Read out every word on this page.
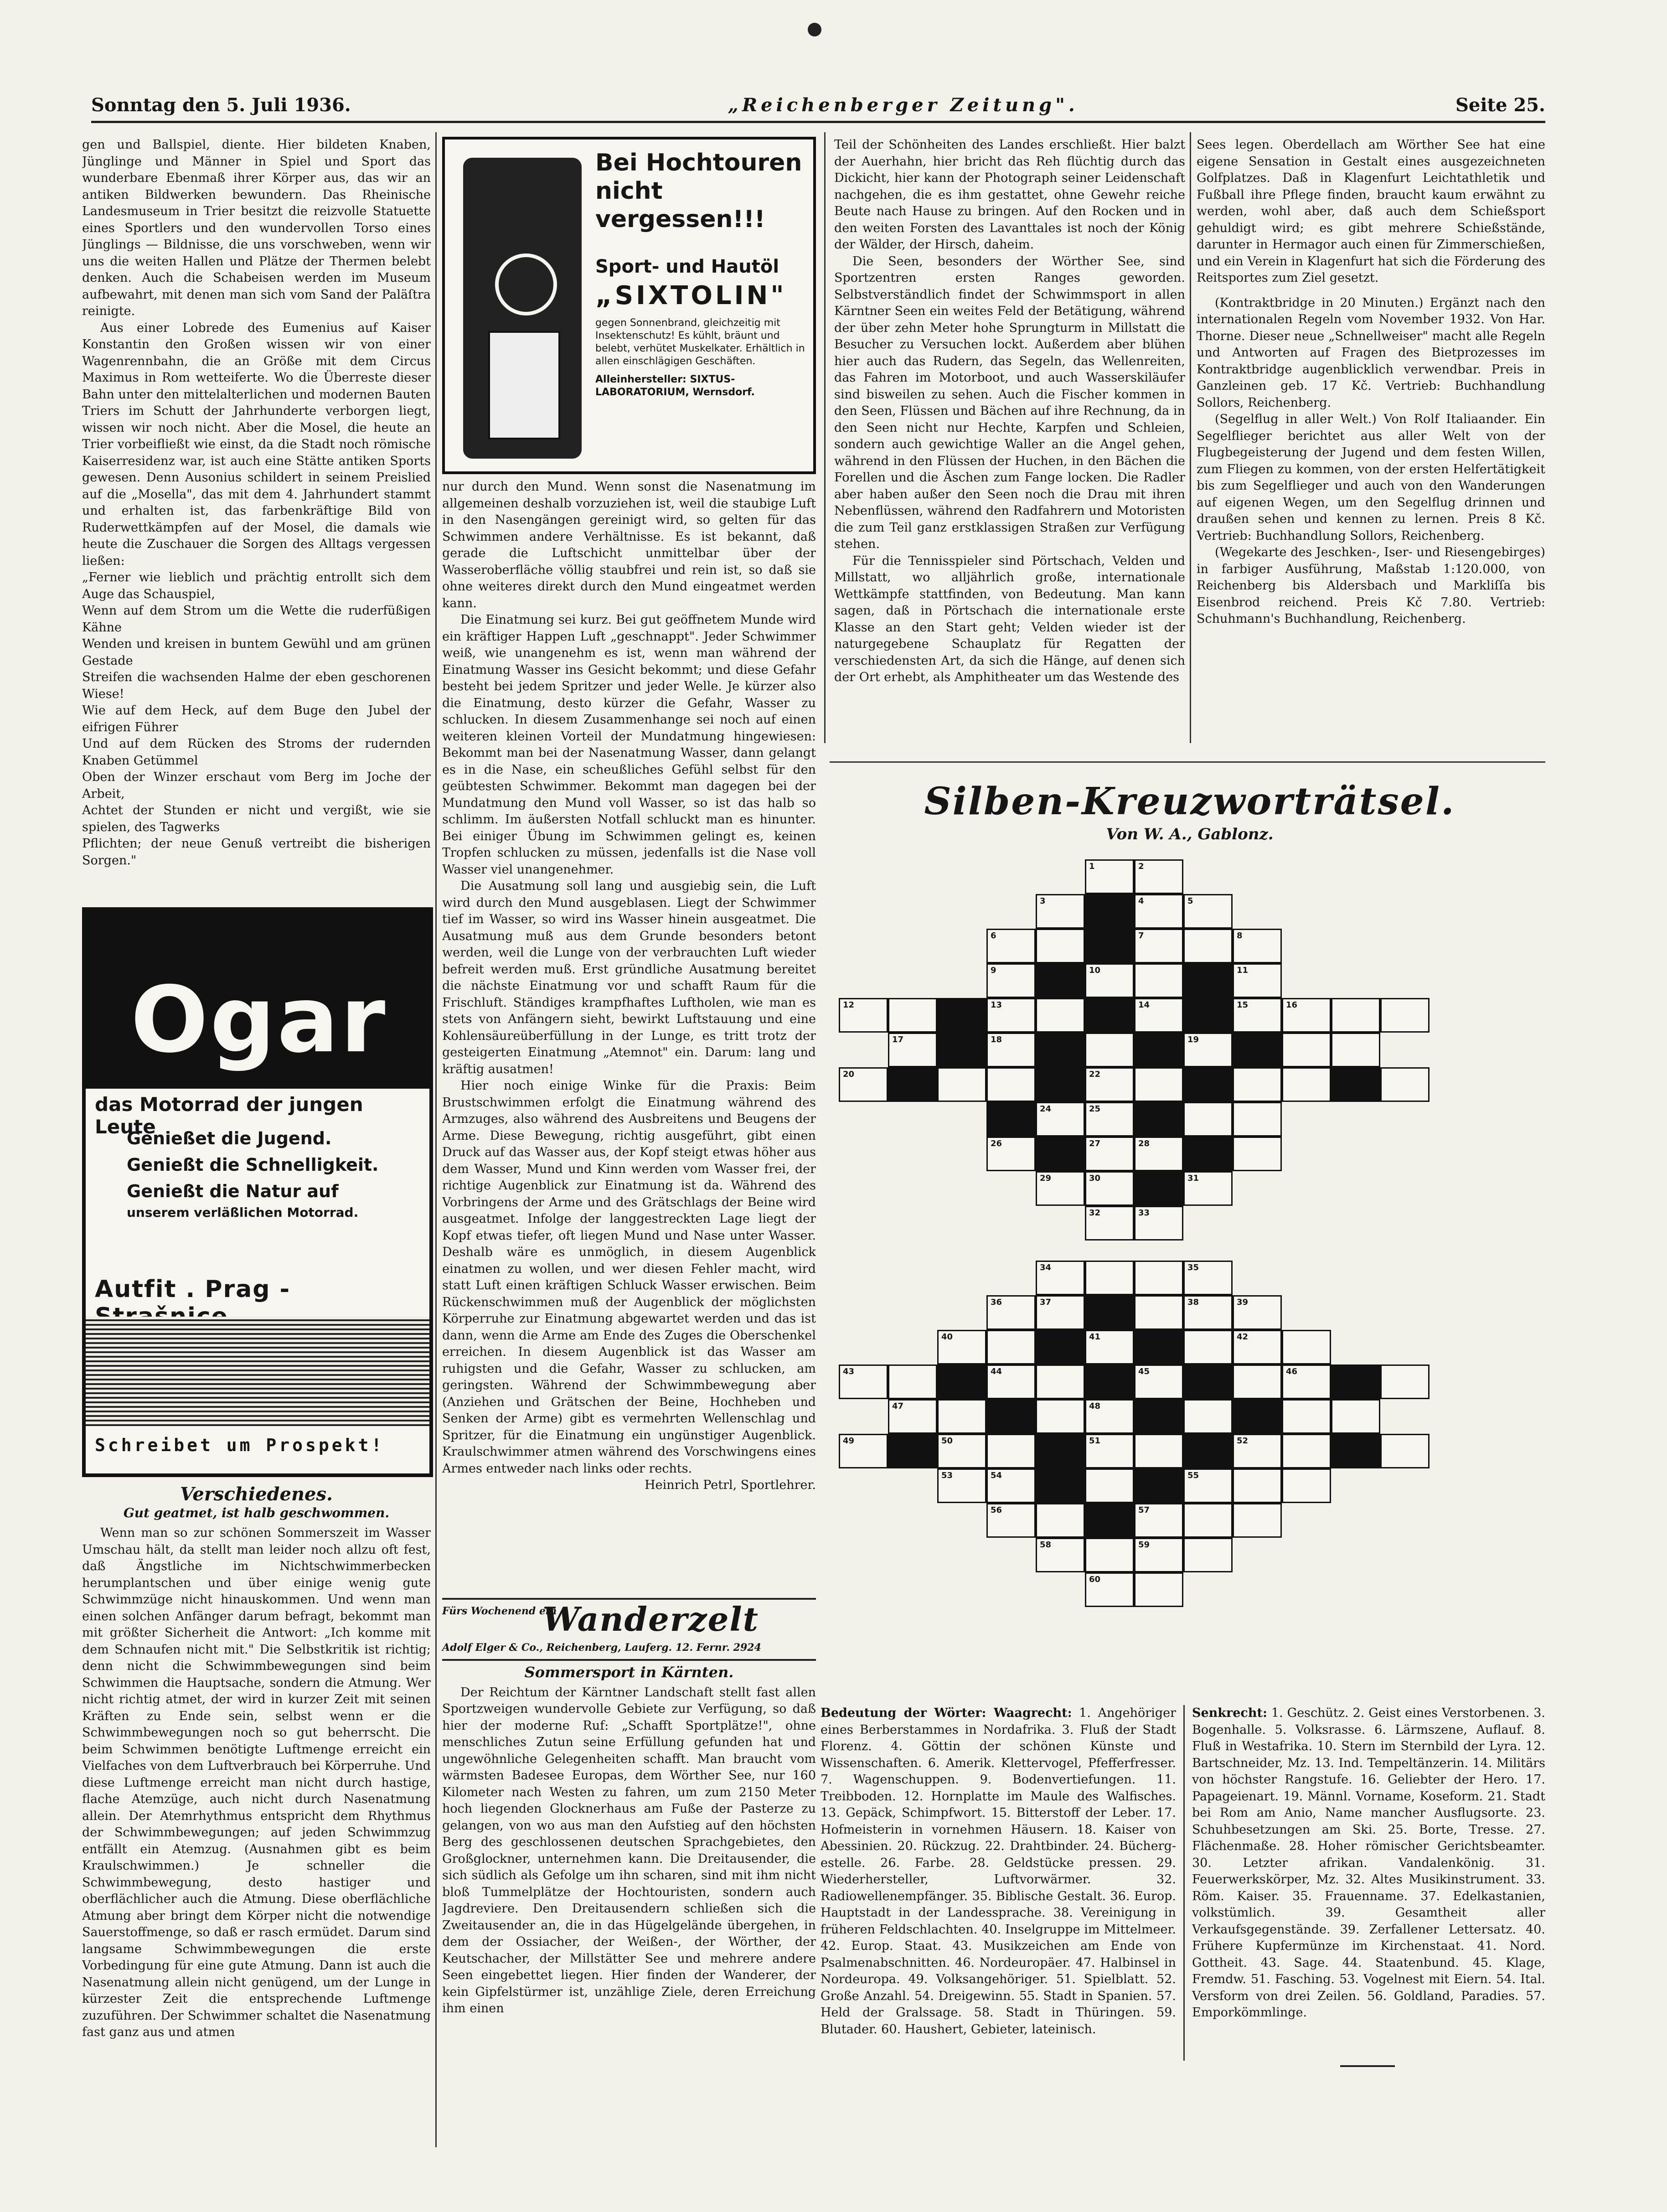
Sonntag den 5. Juli 1936.	„Reichenberger Zeitung".	Seite 25.

gen und Ballspiel, diente. Hier bildeten Knaben, Jünglinge und Männer in Spiel und Sport das wunderbare Ebenmaß ihrer Körper aus, das wir an antiken Bildwerken bewundern. Das Rheinische Landesmuseum in Trier besitzt die reizvolle Statuette eines Sportlers und den wundervollen Torso eines Jünglings — Bildnisse, die uns vorschweben, wenn wir uns die weiten Hallen und Plätze der Thermen belebt denken. Auch die Schabeisen werden im Museum aufbewahrt, mit denen man sich vom Sand der Paläſtra reinigte.

Aus einer Lobrede des Eumenius auf Kaiser Konstantin den Großen wissen wir von einer Wagenrennbahn, die an Größe mit dem Circus Maximus in Rom wetteiferte. Wo die Überreste dieser Bahn unter den mittelalterlichen und modernen Bauten Triers im Schutt der Jahrhunderte verborgen liegt, wissen wir noch nicht. Aber die Mosel, die heute an Trier vorbeifließt wie einst, da die Stadt noch römische Kaiserresidenz war, ist auch eine Stätte antiken Sports gewesen. Denn Ausonius schildert in seinem Preislied auf die „Mosella", das mit dem 4. Jahrhundert stammt und erhalten ist, das farbenkräftige Bild von Ruderwettkämpfen auf der Mosel, die damals wie heute die Zuschauer die Sorgen des Alltags vergessen ließen:

„Ferner wie lieblich und prächtig entrollt sich dem Auge das Schauspiel,

Wenn auf dem Strom um die Wette die ruderfüßigen Kähne

Wenden und kreisen in buntem Gewühl und am grünen Gestade

Streifen die wachsenden Halme der eben geschorenen Wiese!

Wie auf dem Heck, auf dem Buge den Jubel der eifrigen Führer

Und auf dem Rücken des Stroms der rudernden Knaben Getümmel

Oben der Winzer erschaut vom Berg im Joche der Arbeit,

Achtet der Stunden er nicht und vergißt, wie sie spielen, des Tagwerks

Pflichten; der neue Genuß vertreibt die bisherigen Sorgen."

Ogar
das Motorrad der jungen Leute
Genießet die Jugend.
Genießt die Schnelligkeit.
Genießt die Natur auf
unserem verläßlichen Motorrad.
Autfit . Prag -
Schreibet um Prospekt!
Verschiedenes.
Gut geatmet, ist halb geschwommen.

Wenn man so zur schönen Sommerszeit im Wasser Umschau hält, da stellt man leider noch allzu oft fest, daß Ängstliche im Nichtschwimmerbecken herumplantschen und über einige wenig gute Schwimmzüge nicht hinauskommen. Und wenn man einen solchen Anfänger darum befragt, bekommt man mit größter Sicherheit die Antwort: „Ich komme mit dem Schnaufen nicht mit." Die Selbstkritik ist richtig; denn nicht die Schwimmbewegungen sind beim Schwimmen die Hauptsache, sondern die Atmung. Wer nicht richtig atmet, der wird in kurzer Zeit mit seinen Kräften zu Ende sein, selbst wenn er die Schwimmbewegungen noch so gut beherrscht. Die beim Schwimmen benötigte Luftmenge erreicht ein Vielfaches von dem Luftverbrauch bei Körperruhe. Und diese Luftmenge erreicht man nicht durch hastige, flache Atemzüge, auch nicht durch Nasenatmung allein. Der Atemrhythmus entspricht dem Rhythmus der Schwimmbewegungen; auf jeden Schwimmzug entfällt ein Atemzug. (Ausnahmen gibt es beim Kraulschwimmen.) Je schneller die Schwimmbewegung, desto hastiger und oberflächlicher auch die Atmung. Diese oberflächliche Atmung aber bringt dem Körper nicht die notwendige Sauerstoffmenge, so daß er rasch ermüdet. Darum sind langsame Schwimmbewegungen die erste Vorbedingung für eine gute Atmung. Dann ist auch die Nasenatmung allein nicht genügend, um der Lunge in kürzester Zeit die entsprechende Luftmenge zuzuführen. Der Schwimmer schaltet die Nasenatmung fast ganz aus und atmen

Bei Hochtouren nicht vergessen!!!
Sport- und Hautöl
„SIXTOLIN"
gegen Sonnenbrand, gleichzeitig mit Insektenschutz! Es kühlt, bräunt und belebt, verhütet Muskelkater. Erhältlich in allen einschlägigen Geschäften.
Alleinhersteller: SIXTUS-LABORATORIUM, Wernsdorf.

nur durch den Mund. Wenn sonst die Nasenatmung im allgemeinen deshalb vorzuziehen ist, weil die staubige Luft in den Nasengängen gereinigt wird, so gelten für das Schwimmen andere Verhältnisse. Es ist bekannt, daß gerade die Luftschicht unmittelbar über der Wasseroberfläche völlig staubfrei und rein ist, so daß sie ohne weiteres direkt durch den Mund eingeatmet werden kann.

Die Einatmung sei kurz. Bei gut geöffnetem Munde wird ein kräftiger Happen Luft „geschnappt". Jeder Schwimmer weiß, wie unangenehm es ist, wenn man während der Einatmung Wasser ins Gesicht bekommt; und diese Gefahr besteht bei jedem Spritzer und jeder Welle. Je kürzer also die Einatmung, desto kürzer die Gefahr, Wasser zu schlucken. In diesem Zusammenhange sei noch auf einen weiteren kleinen Vorteil der Mundatmung hingewiesen: Bekommt man bei der Nasenatmung Wasser, dann gelangt es in die Nase, ein scheußliches Gefühl selbst für den geübtesten Schwimmer. Bekommt man dagegen bei der Mundatmung den Mund voll Wasser, so ist das halb so schlimm. Im äußersten Notfall schluckt man es hinunter. Bei einiger Übung im Schwimmen gelingt es, keinen Tropfen schlucken zu müssen, jedenfalls ist die Nase voll Wasser viel unangenehmer.

Die Ausatmung soll lang und ausgiebig sein, die Luft wird durch den Mund ausgeblasen. Liegt der Schwimmer tief im Wasser, so wird ins Wasser hinein ausgeatmet. Die Ausatmung muß aus dem Grunde besonders betont werden, weil die Lunge von der verbrauchten Luft wieder befreit werden muß. Erst gründliche Ausatmung bereitet die nächste Einatmung vor und schafft Raum für die Frischluft. Ständiges krampfhaftes Luftholen, wie man es stets von Anfängern sieht, bewirkt Luftstauung und eine Kohlensäureüberfüllung in der Lunge, es tritt trotz der gesteigerten Einatmung „Atemnot" ein. Darum: lang und kräftig ausatmen!

Hier noch einige Winke für die Praxis: Beim Brustschwimmen erfolgt die Einatmung während des Armzuges, also während des Ausbreitens und Beugens der Arme. Diese Bewegung, richtig ausgeführt, gibt einen Druck auf das Wasser aus, der Kopf steigt etwas höher aus dem Wasser, Mund und Kinn werden vom Wasser frei, der richtige Augenblick zur Einatmung ist da. Während des Vorbringens der Arme und des Grätschlags der Beine wird ausgeatmet. Infolge der langgestreckten Lage liegt der Kopf etwas tiefer, oft liegen Mund und Nase unter Wasser. Deshalb wäre es unmöglich, in diesem Augenblick einatmen zu wollen, und wer diesen Fehler macht, wird statt Luft einen kräftigen Schluck Wasser erwischen. Beim Rückenschwimmen muß der Augenblick der möglichsten Körperruhe zur Einatmung abgewartet werden und das ist dann, wenn die Arme am Ende des Zuges die Oberschenkel erreichen. In diesem Augenblick ist das Wasser am ruhigsten und die Gefahr, Wasser zu schlucken, am geringsten. Während der Schwimmbewegung aber (Anziehen und Grätschen der Beine, Hochheben und Senken der Arme) gibt es vermehrten Wellenschlag und Spritzer, für die Einatmung ein ungünstiger Augenblick. Kraulschwimmer atmen während des Vorschwingens eines Armes entweder nach links oder rechts.

Heinrich Petrl, Sportlehrer.

Fürs Wochenend ein
Wanderzelt
Adolf Elger & Co., Reichenberg, Lauferg. 12. Fernr. 2924
Sommersport in Kärnten.

Der Reichtum der Kärntner Landschaft stellt fast allen Sportzweigen wundervolle Gebiete zur Verfügung, so daß hier der moderne Ruf: „Schafft Sportplätze!", ohne menschliches Zutun seine Erfüllung gefunden hat und ungewöhnliche Gelegenheiten schafft. Man braucht vom wärmsten Badesee Europas, dem Wörther See, nur 160 Kilometer nach Westen zu fahren, um zum 2150 Meter hoch liegenden Glocknerhaus am Fuße der Pasterze zu gelangen, von wo aus man den Aufstieg auf den höchsten Berg des geschlossenen deutschen Sprachgebietes, den Großglockner, unternehmen kann. Die Dreitausender, die sich südlich als Gefolge um ihn scharen, sind mit ihm nicht bloß Tummelplätze der Hochtouristen, sondern auch Jagdreviere. Den Dreitausendern schließen sich die Zweitausender an, die in das Hügelgelände übergehen, in dem der Ossiacher, der Weißen-, der Wörther, der Keutschacher, der Millstätter See und mehrere andere Seen eingebettet liegen. Hier finden der Wanderer, der kein Gipfelstürmer ist, unzählige Ziele, deren Erreichung ihm einen

Teil der Schönheiten des Landes erschließt. Hier balzt der Auerhahn, hier bricht das Reh flüchtig durch das Dickicht, hier kann der Photograph seiner Leidenschaft nachgehen, die es ihm gestattet, ohne Gewehr reiche Beute nach Hause zu bringen. Auf den Rocken und in den weiten Forsten des Lavanttales ist noch der König der Wälder, der Hirsch, daheim.

Die Seen, besonders der Wörther See, sind Sportzentren ersten Ranges geworden. Selbstverständlich findet der Schwimmsport in allen Kärntner Seen ein weites Feld der Betätigung, während der über zehn Meter hohe Sprungturm in Millstatt die Besucher zu Versuchen lockt. Außerdem aber blühen hier auch das Rudern, das Segeln, das Wellenreiten, das Fahren im Motorboot, und auch Wasserskiläufer sind bisweilen zu sehen. Auch die Fischer kommen in den Seen, Flüssen und Bächen auf ihre Rechnung, da in den Seen nicht nur Hechte, Karpfen und Schleien, sondern auch gewichtige Waller an die Angel gehen, während in den Flüssen der Huchen, in den Bächen die Forellen und die Äschen zum Fange locken. Die Radler aber haben außer den Seen noch die Drau mit ihren Nebenflüssen, während den Radfahrern und Motoristen die zum Teil ganz erstklassigen Straßen zur Verfügung stehen.

Für die Tennisspieler sind Pörtschach, Velden und Millstatt, wo alljährlich große, internationale Wettkämpfe stattfinden, von Bedeutung. Man kann sagen, daß in Pörtschach die internationale erste Klasse an den Start geht; Velden wieder ist der naturgegebene Schauplatz für Regatten der verschiedensten Art, da sich die Hänge, auf denen sich der Ort erhebt, als Amphitheater um das Westende des

Sees legen. Oberdellach am Wörther See hat eine eigene Sensation in Gestalt eines ausgezeichneten Golfplatzes. Daß in Klagenfurt Leichtathletik und Fußball ihre Pflege finden, braucht kaum erwähnt zu werden, wohl aber, daß auch dem Schießsport gehuldigt wird; es gibt mehrere Schießstände, darunter in Hermagor auch einen für Zimmerschießen, und ein Verein in Klagenfurt hat sich die Förderung des Reitsportes zum Ziel gesetzt.

(Kontraktbridge in 20 Minuten.) Ergänzt nach den internationalen Regeln vom November 1932. Von Har. Thorne. Dieser neue „Schnellweiser" macht alle Regeln und Antworten auf Fragen des Bietprozesses im Kontraktbridge augenblicklich verwendbar. Preis in Ganzleinen geb. 17 Kč. Vertrieb: Buchhandlung Sollors, Reichenberg.

(Segelflug in aller Welt.) Von Rolf Italiaander. Ein Segelflieger berichtet aus aller Welt von der Flugbegeisterung der Jugend und dem festen Willen, zum Fliegen zu kommen, von der ersten Helfertätigkeit bis zum Segelflieger und auch von den Wanderungen auf eigenen Wegen, um den Segelflug drinnen und draußen sehen und kennen zu lernen. Preis 8 Kč. Vertrieb: Buchhandlung Sollors, Reichenberg.

(Wegekarte des Jeschken-, Iser- und Riesengebirges) in farbiger Ausführung, Maßstab 1:120.000, von Reichenberg bis Aldersbach und Markliſſa bis Eisenbrod reichend. Preis Kč 7.80. Vertrieb: Schuhmann's Buchhandlung, Reichenberg.

Silben-Kreuzworträtsel.
Von W. A., Gablonz.
1	2
3	4	5
6	7	8
9	10	11
12	13	14	15	16
17	18	19
20	22
24	25
26	27	28
29	30	31
32	33
34	35
36	37	38	39
40	41	42
43	44	45	46
47	48
49	50	51	52
53	54	55
56	57
58	59
60
Bedeutung der Wörter: Waagrecht: 1. Angehöriger eines Berberstammes in Nordafrika. 3. Fluß der Stadt Florenz. 4. Göttin der schönen Künste und Wissenschaften. 6. Amerik. Klettervogel, Pfefferfresser. 7. Wagenschuppen. 9. Bodenvertiefungen. 11. Treibboden. 12. Hornplatte im Maule des Walfisches. 13. Gepäck, Schimpfwort. 15. Bitterstoff der Leber. 17. Hofmeisterin in vornehmen Häusern. 18. Kaiser von Abessinien. 20. Rückzug. 22. Drahtbinder. 24. Büchergestelle. 26. Farbe. 28. Geldstücke pressen. 29. Wiederhersteller, Luftvorwärmer. 32. Radiowellenempfänger. 35. Biblische Gestalt. 36. Europ. Hauptstadt in der Landessprache. 38. Vereinigung in früheren Feldschlachten. 40. Inselgruppe im Mittelmeer. 42. Europ. Staat. 43. Musikzeichen am Ende von Psalmenabschnitten. 46. Nordeuropäer. 47. Halbinsel in Nordeuropa. 49. Volksangehöriger. 51. Spielblatt. 52. Große Anzahl. 54. Dreigewinn. 55. Stadt in Spanien. 57. Held der Gralssage. 58. Stadt in Thüringen. 59. Blutader. 60. Haushert, Gebieter, lateinisch.
Senkrecht: 1. Geschütz. 2. Geist eines Verstorbenen. 3. Bogenhalle. 5. Volksrasse. 6. Lärmszene, Auflauf. 8. Fluß in Westafrika. 10. Stern im Sternbild der Lyra. 12. Bartschneider, Mz. 13. Ind. Tempeltänzerin. 14. Militärs von höchster Rangstufe. 16. Geliebter der Hero. 17. Papageienart. 19. Männl. Vorname, Koseform. 21. Stadt bei Rom am Anio, Name mancher Ausflugsorte. 23. Schuhbesetzungen am Ski. 25. Borte, Tresse. 27. Flächenmaße. 28. Hoher römischer Gerichtsbeamter. 30. Letzter afrikan. Vandalenkönig. 31. Feuerwerkskörper, Mz. 32. Altes Musikinstrument. 33. Röm. Kaiser. 35. Frauenname. 37. Edelkastanien, volkstümlich. 39. Gesamtheit aller Verkaufsgegenstände. 39. Zerfallener Lettersatz. 40. Frühere Kupfermünze im Kirchenstaat. 41. Nord. Gottheit. 43. Sage. 44. Staatenbund. 45. Klage, Fremdw. 51. Fasching. 53. Vogelnest mit Eiern. 54. Ital. Versform von drei Zeilen. 56. Goldland, Paradies. 57. Emporkömmlinge.
